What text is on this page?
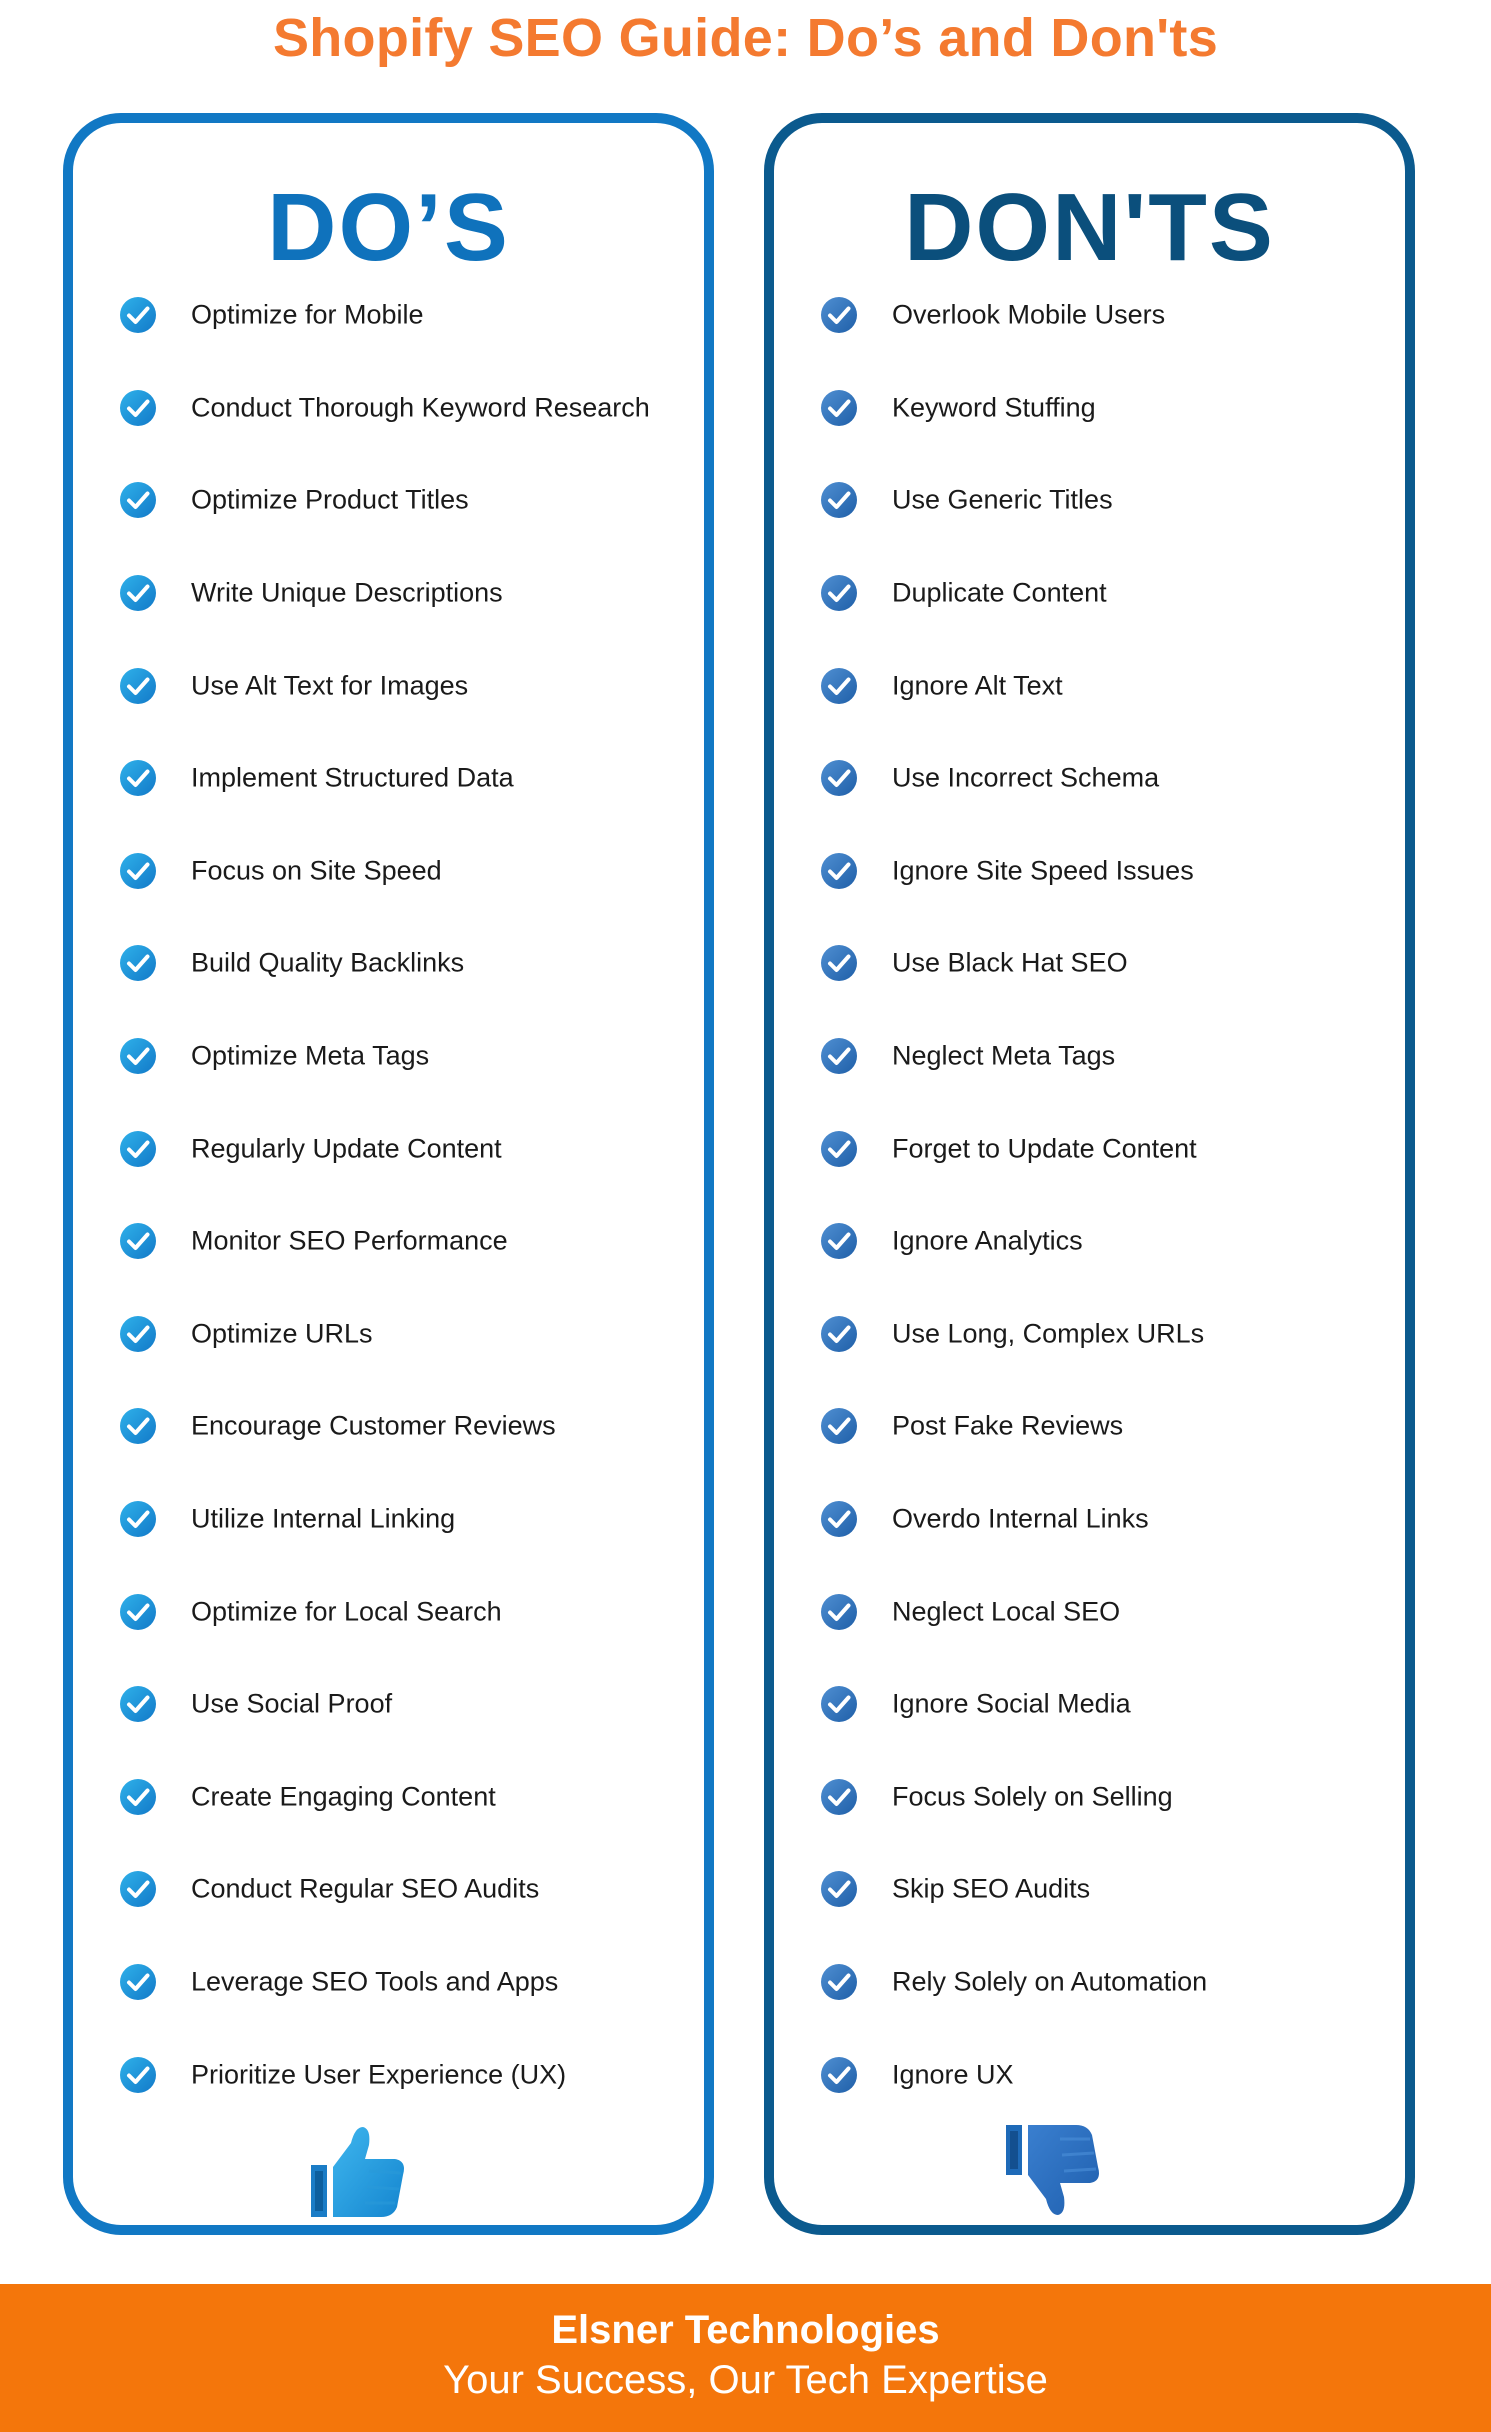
Shopify SEO Guide: Do’s and Don'ts
DO’S
Optimize for Mobile
Conduct Thorough Keyword Research
Optimize Product Titles
Write Unique Descriptions
Use Alt Text for Images
Implement Structured Data
Focus on Site Speed
Build Quality Backlinks
Optimize Meta Tags
Regularly Update Content
Monitor SEO Performance
Optimize URLs
Encourage Customer Reviews
Utilize Internal Linking
Optimize for Local Search
Use Social Proof
Create Engaging Content
Conduct Regular SEO Audits
Leverage SEO Tools and Apps
Prioritize User Experience (UX)
DON'TS
Overlook Mobile Users
Keyword Stuffing
Use Generic Titles
Duplicate Content
Ignore Alt Text
Use Incorrect Schema
Ignore Site Speed Issues
Use Black Hat SEO
Neglect Meta Tags
Forget to Update Content
Ignore Analytics
Use Long, Complex URLs
Post Fake Reviews
Overdo Internal Links
Neglect Local SEO
Ignore Social Media
Focus Solely on Selling
Skip SEO Audits
Rely Solely on Automation
Ignore UX
Elsner Technologies
Your Success, Our Tech Expertise
